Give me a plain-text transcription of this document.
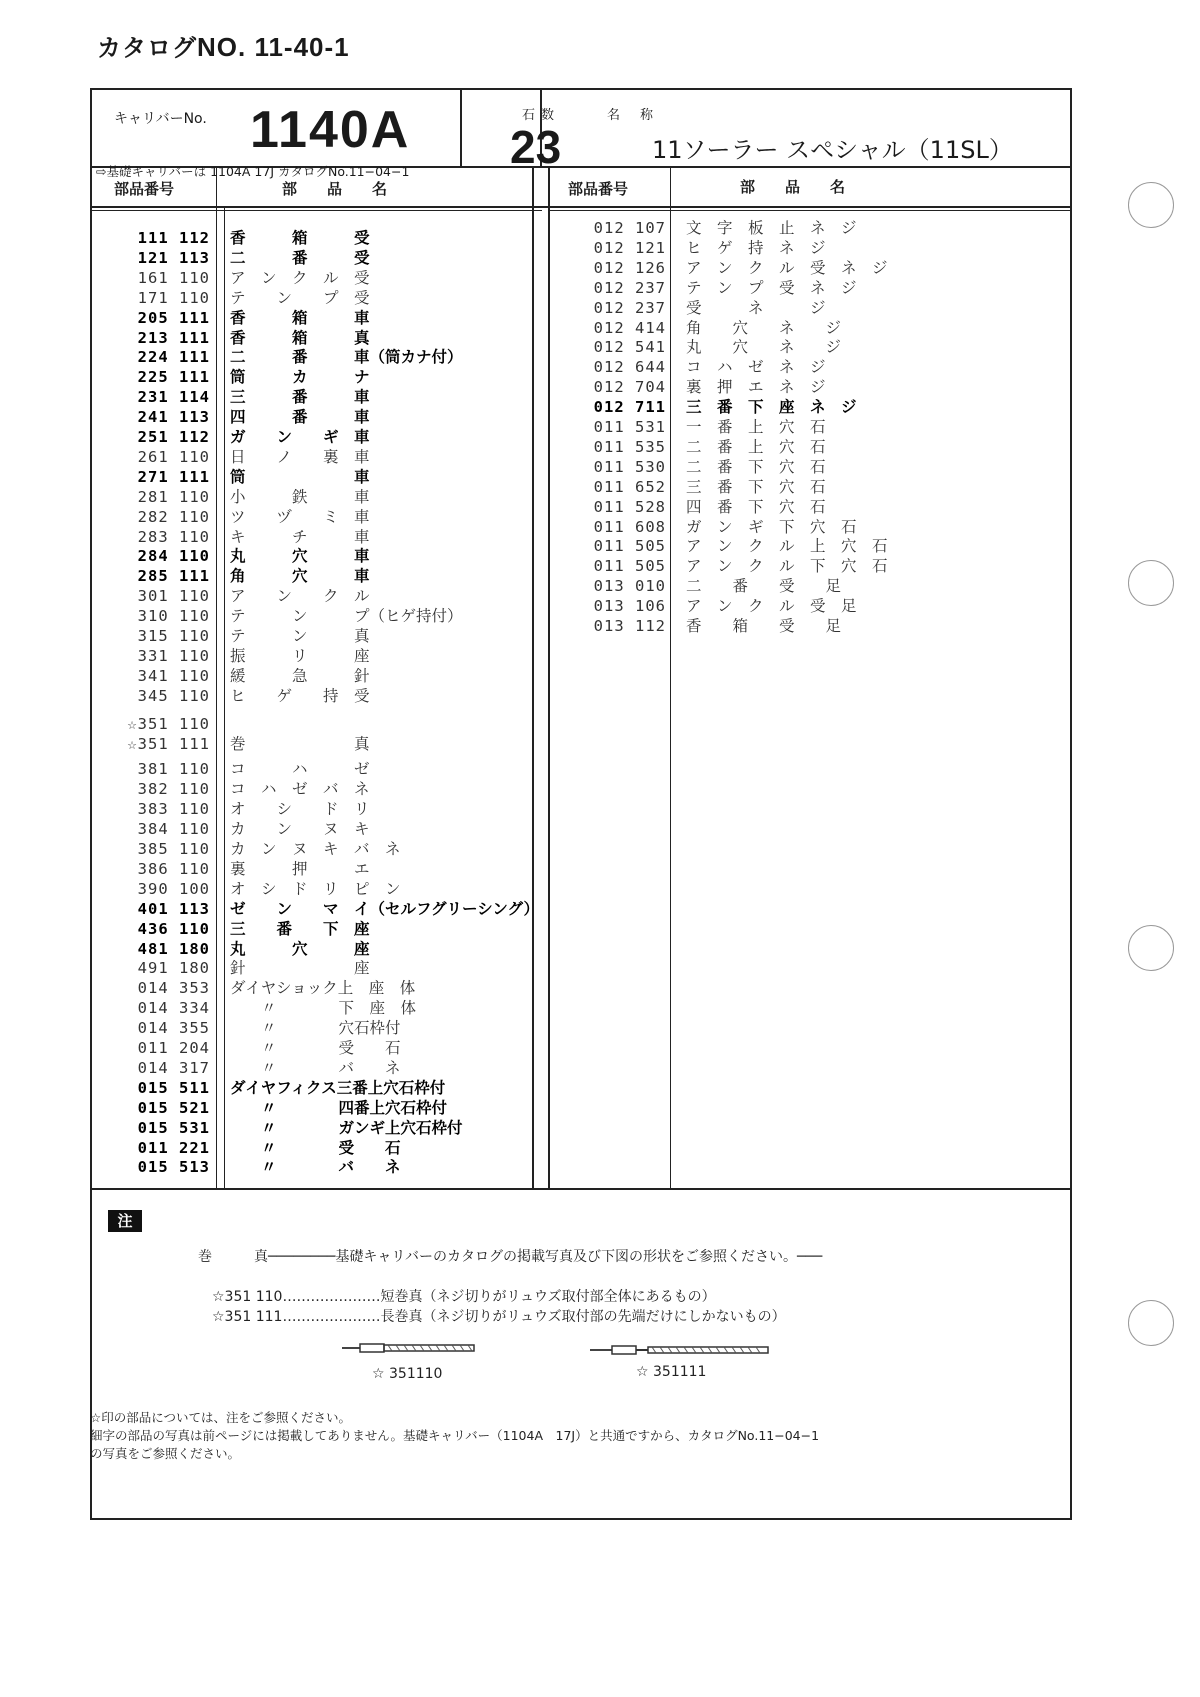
カタログNO. 11-40-1
キャリバーNo. 1140A
⇨基礎キャリバーは 1104A 17J カタログNo.11−04−1
石数
23
名称
11ソーラー スペシャル（11SL）
部品番号	部　　品　　名	部品番号	部　　品　　名
111 112 香　　　箱　　　受
121 113 二　　　番　　　受
161 110 ア　ン　ク　ル　受
171 110 テ　　ン　　プ　受
205 111 香　　　箱　　　車
213 111 香　　　箱　　　真
224 111 二　　　番　　　車（筒カナ付）
225 111 筒　　　カ　　　ナ
231 114 三　　　番　　　車
241 113 四　　　番　　　車
251 112 ガ　　ン　　ギ　車
261 110 日　　ノ　　裏　車
271 111 筒　　　　　　　車
281 110 小　　　鉄　　　車
282 110 ツ　　ヅ　　ミ　車
283 110 キ　　　チ　　　車
284 110 丸　　　穴　　　車
285 111 角　　　穴　　　車
301 110 ア　　ン　　ク　ル
310 110 テ　　　ン　　　プ（ヒゲ持付）
315 110 テ　　　ン　　　真
331 110 振　　　リ　　　座
341 110 緩　　　急　　　針
345 110 ヒ　　ゲ　　持　受
☆351 110
☆351 111 巻　　　　　　　真
381 110 コ　　　ハ　　　ゼ
382 110 コ　ハ　ゼ　バ　ネ
383 110 オ　　シ　　ド　リ
384 110 カ　　ン　　ヌ　キ
385 110 カ　ン　ヌ　キ　バ　ネ
386 110 裏　　　押　　　エ
390 100 オ　シ　ド　リ　ピ　ン
401 113 ゼ　　ン　　マ　イ（セルフグリーシング）
436 110 三　　番　　下　座
481 180 丸　　　穴　　　座
491 180 針　　　　　　　座
014 353 ダイヤショック上　座　体
014 334 　　〃　　　　下　座　体
014 355 　　〃　　　　穴石枠付
011 204 　　〃　　　　受　　石
014 317 　　〃　　　　バ　　ネ
015 511 ダイヤフィクス三番上穴石枠付
015 521 　　〃　　　　四番上穴石枠付
015 531 　　〃　　　　ガンギ上穴石枠付
011 221 　　〃　　　　受　　石
015 513 　　〃　　　　バ　　ネ
012 107 文　字　板　止　ネ　ジ
012 121 ヒ　ゲ　持　ネ　ジ
012 126 ア　ン　ク　ル　受　ネ　ジ
012 237 テ　ン　プ　受　ネ　ジ
012 237 受　　　ネ　　　ジ
012 414 角　　穴　　ネ　　ジ
012 541 丸　　穴　　ネ　　ジ
012 644 コ　ハ　ゼ　ネ　ジ
012 704 裏　押　エ　ネ　ジ
012 711 三　番　下　座　ネ　ジ
011 531 一　番　上　穴　石
011 535 二　番　上　穴　石
011 530 二　番　下　穴　石
011 652 三　番　下　穴　石
011 528 四　番　下　穴　石
011 608 ガ　ン　ギ　下　穴　石
011 505 ア　ン　ク　ル　上　穴　石
011 505 ア　ン　ク　ル　下　穴　石
013 010 二　　番　　受　　足
013 106 ア　ン　ク　ル　受　足
013 112 香　　箱　　受　　足
注
巻　　　真────────基礎キャリバーのカタログの掲載写真及び下図の形状をご参照ください。───
☆351 110…………………短巻真（ネジ切りがリュウズ取付部全体にあるもの）
☆351 111…………………長巻真（ネジ切りがリュウズ取付部の先端だけにしかないもの）
☆ 351110	☆ 351111
☆印の部品については、注をご参照ください。
細字の部品の写真は前ページには掲載してありません。基礎キャリバー（1104A　17J）と共通ですから、カタログNo.11−04−1
の写真をご参照ください。
